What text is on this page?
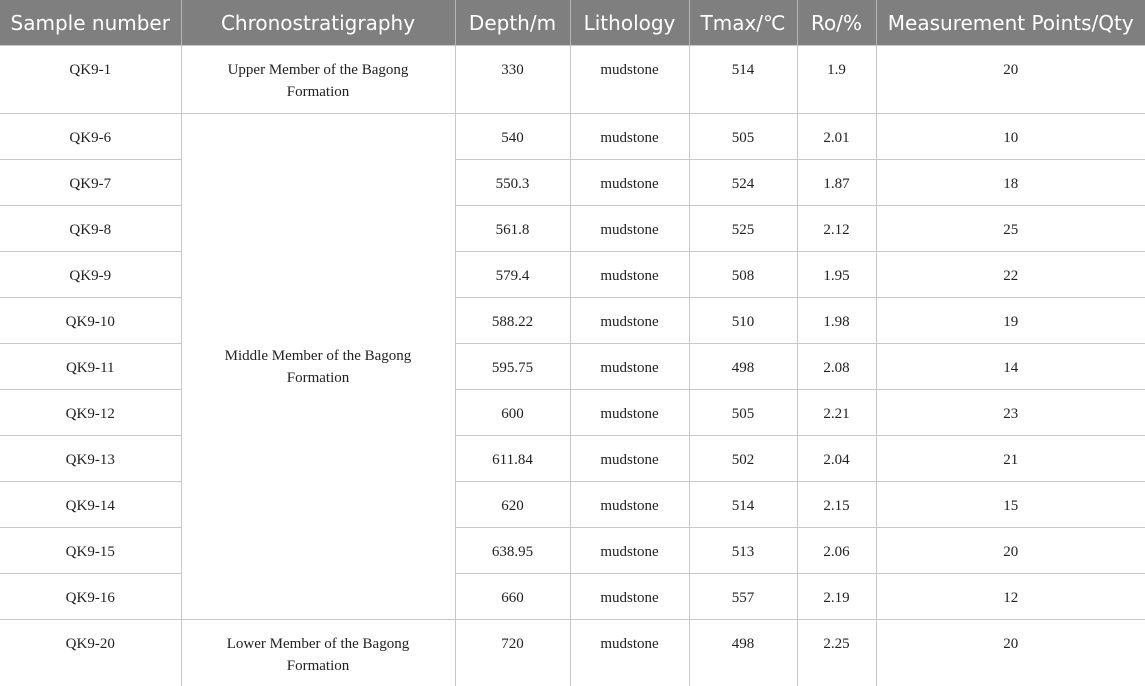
Sample number	Chronostratigraphy	Depth/m	Lithology	Tmax/℃	Ro/%	Measurement Points/Qty

QK9-1	Upper Member of the Bagong Formation	330	mudstone	514	1.9	20

QK9-6	Middle Member of the Bagong Formation	540	mudstone	505	2.01	10

QK9-7		550.3	mudstone	524	1.87	18

QK9-8		561.8	mudstone	525	2.12	25

QK9-9		579.4	mudstone	508	1.95	22

QK9-10		588.22	mudstone	510	1.98	19

QK9-11		595.75	mudstone	498	2.08	14

QK9-12		600	mudstone	505	2.21	23

QK9-13		611.84	mudstone	502	2.04	21

QK9-14		620	mudstone	514	2.15	15

QK9-15		638.95	mudstone	513	2.06	20

QK9-16		660	mudstone	557	2.19	12

QK9-20	Lower Member of the Bagong Formation	720	mudstone	498	2.25	20
